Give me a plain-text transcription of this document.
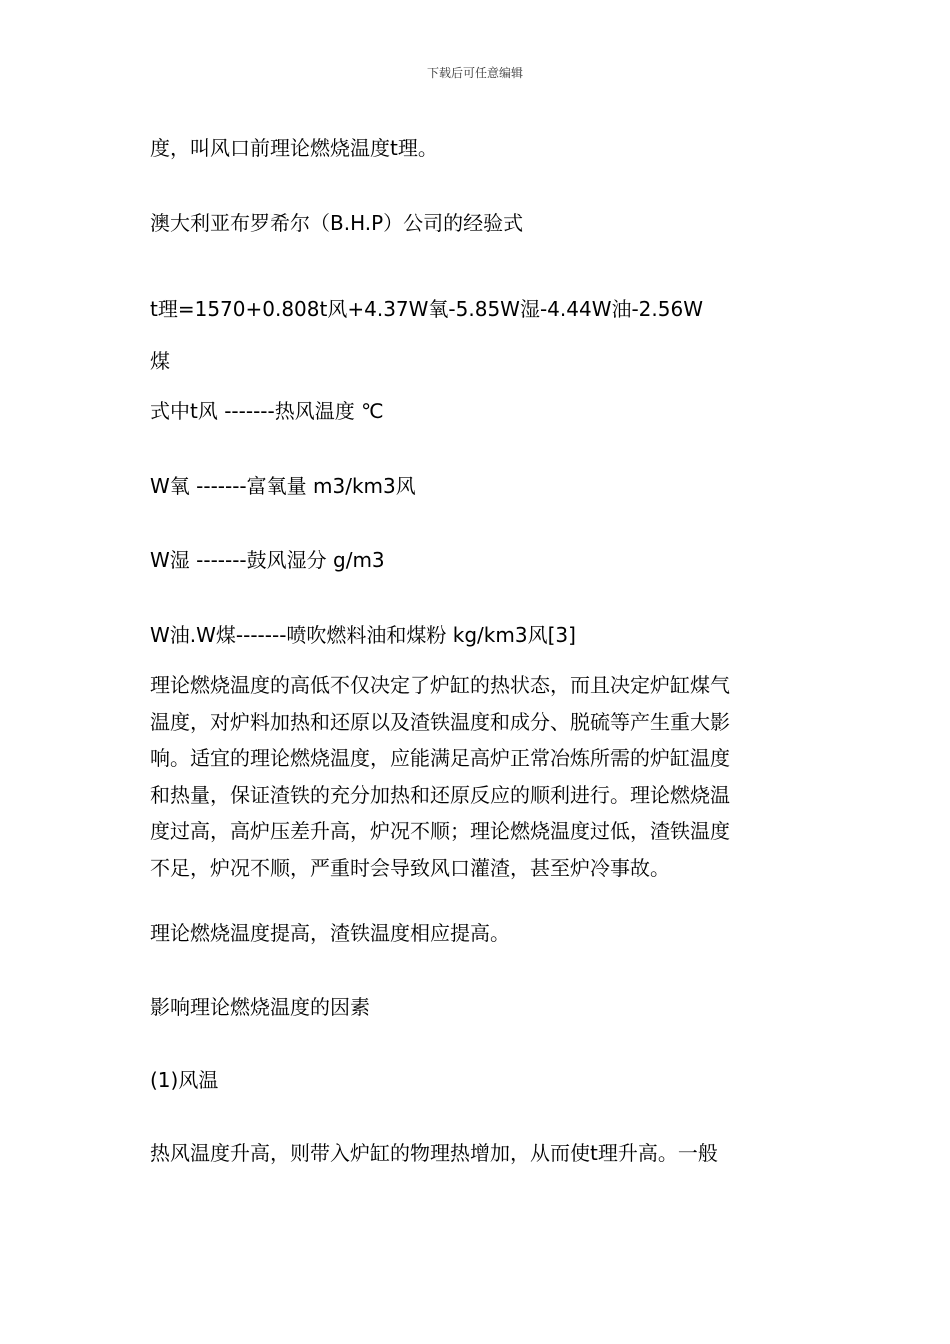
下载后可任意编辑
度，叫风口前理论燃烧温度t理。
澳大利亚布罗希尔（B.H.P）公司的经验式
t理=1570+0.808t风+4.37W氧-5.85W湿-4.44W油-2.56W
煤
式中t风 -------热风温度 ℃
W氧 -------富氧量 m3/km3风
W湿 -------鼓风湿分 g/m3
W油.W煤-------喷吹燃料油和煤粉 kg/km3风[3]
理论燃烧温度的高低不仅决定了炉缸的热状态，而且决定炉缸煤气
温度，对炉料加热和还原以及渣铁温度和成分、脱硫等产生重大影
响。适宜的理论燃烧温度，应能满足高炉正常冶炼所需的炉缸温度
和热量，保证渣铁的充分加热和还原反应的顺利进行。理论燃烧温
度过高，高炉压差升高，炉况不顺；理论燃烧温度过低，渣铁温度
不足，炉况不顺，严重时会导致风口灌渣，甚至炉冷事故。
理论燃烧温度提高，渣铁温度相应提高。
影响理论燃烧温度的因素
(1)风温
热风温度升高，则带入炉缸的物理热增加，从而使t理升高。一般
